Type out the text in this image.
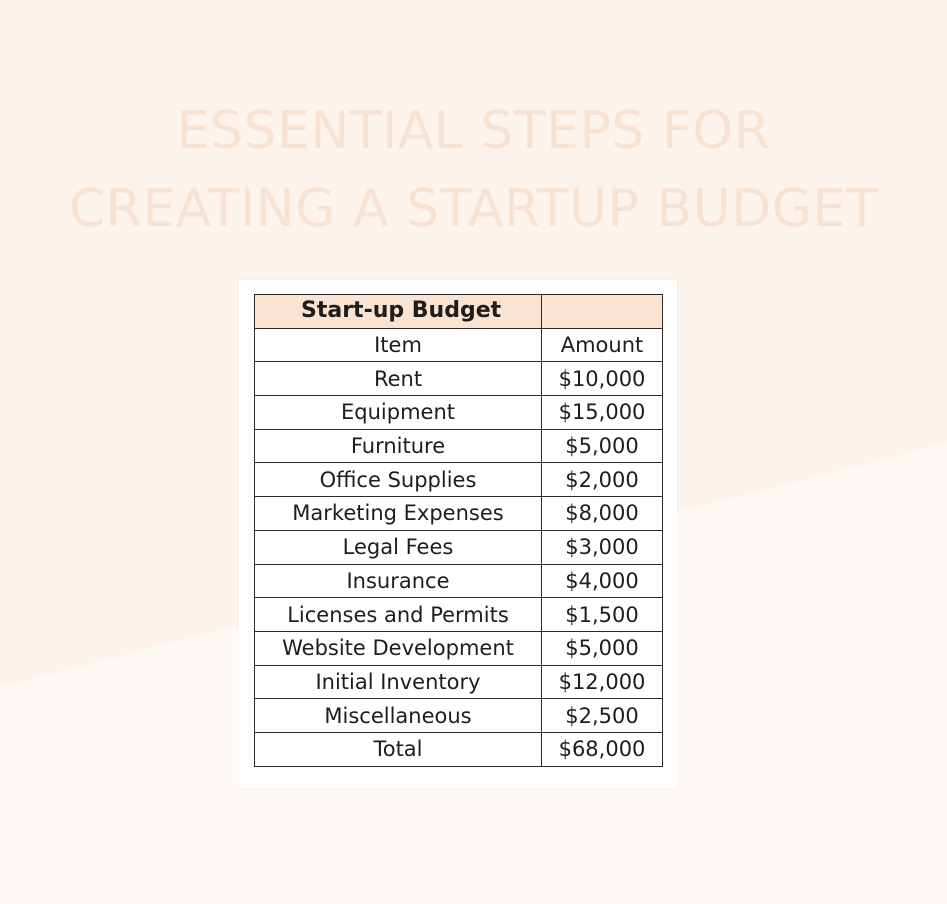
ESSENTIAL STEPS FOR
CREATING A STARTUP BUDGET
Start-up Budget	
Item	Amount
Rent	$10,000
Equipment	$15,000
Furniture	$5,000
Office Supplies	$2,000
Marketing Expenses	$8,000
Legal Fees	$3,000
Insurance	$4,000
Licenses and Permits	$1,500
Website Development	$5,000
Initial Inventory	$12,000
Miscellaneous	$2,500
Total	$68,000
